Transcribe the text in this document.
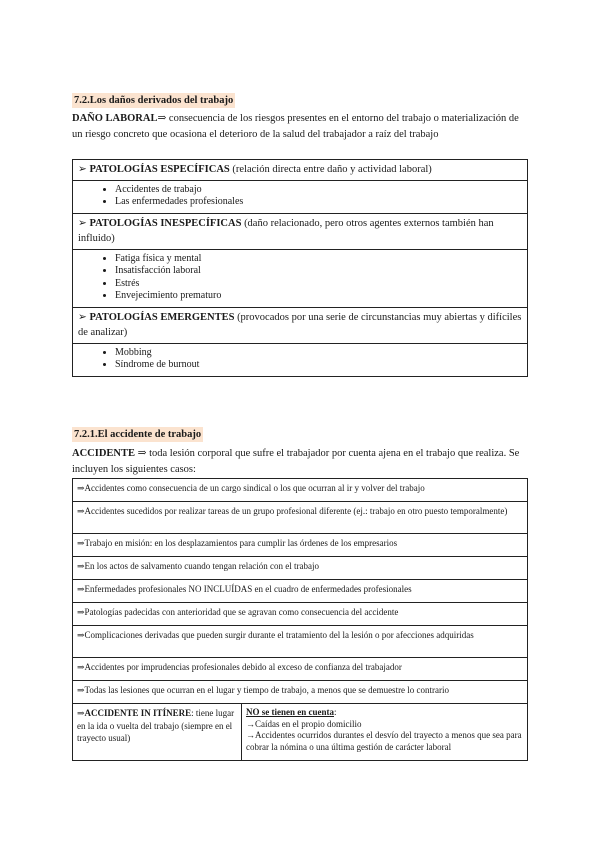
7.2.Los daños derivados del trabajo
DAÑO LABORAL⇒ consecuencia de los riesgos presentes en el entorno del trabajo o materialización de un riesgo concreto que ocasiona el deterioro de la salud del trabajador a raíz del trabajo
➢ PATOLOGÍAS ESPECÍFICAS (relación directa entre daño y actividad laboral)

• Accidentes de trabajo
• Las enfermedades profesionales

➢ PATOLOGÍAS INESPECÍFICAS (daño relacionado, pero otros agentes externos también han influido)

• Fatiga física y mental
• Insatisfacción laboral
• Estrés
• Envejecimiento prematuro

➢ PATOLOGÍAS EMERGENTES (provocados por una serie de circunstancias muy abiertas y difíciles de analizar)

• Mobbing
• Síndrome de burnout
7.2.1.El accidente de trabajo
ACCIDENTE ⇒ toda lesión corporal que sufre el trabajador por cuenta ajena en el trabajo que realiza. Se incluyen los siguientes casos:
⇒Accidentes como consecuencia de un cargo sindical o los que ocurran al ir y volver del trabajo
⇒Accidentes sucedidos por realizar tareas de un grupo profesional diferente (ej.: trabajo en otro puesto temporalmente)
⇒Trabajo en misión: en los desplazamientos para cumplir las órdenes de los empresarios
⇒En los actos de salvamento cuando tengan relación con el trabajo
⇒Enfermedades profesionales NO INCLUÍDAS en el cuadro de enfermedades profesionales
⇒Patologías padecidas con anterioridad que se agravan como consecuencia del accidente
⇒Complicaciones derivadas que pueden surgir durante el tratamiento del la lesión o por afecciones adquiridas
⇒Accidentes por imprudencias profesionales debido al exceso de confianza del trabajador
⇒Todas las lesiones que ocurran en el lugar y tiempo de trabajo, a menos que se demuestre lo contrario
⇒ACCIDENTE IN ITÍNERE: tiene lugar en la ida o vuelta del trabajo (siempre en el trayecto usual)	
NO se tienen en cuenta:
→Caídas en el propio domicilio
→Accidentes ocurridos durantes el desvío del trayecto a menos que sea para cobrar la nómina o una última gestión de carácter laboral
